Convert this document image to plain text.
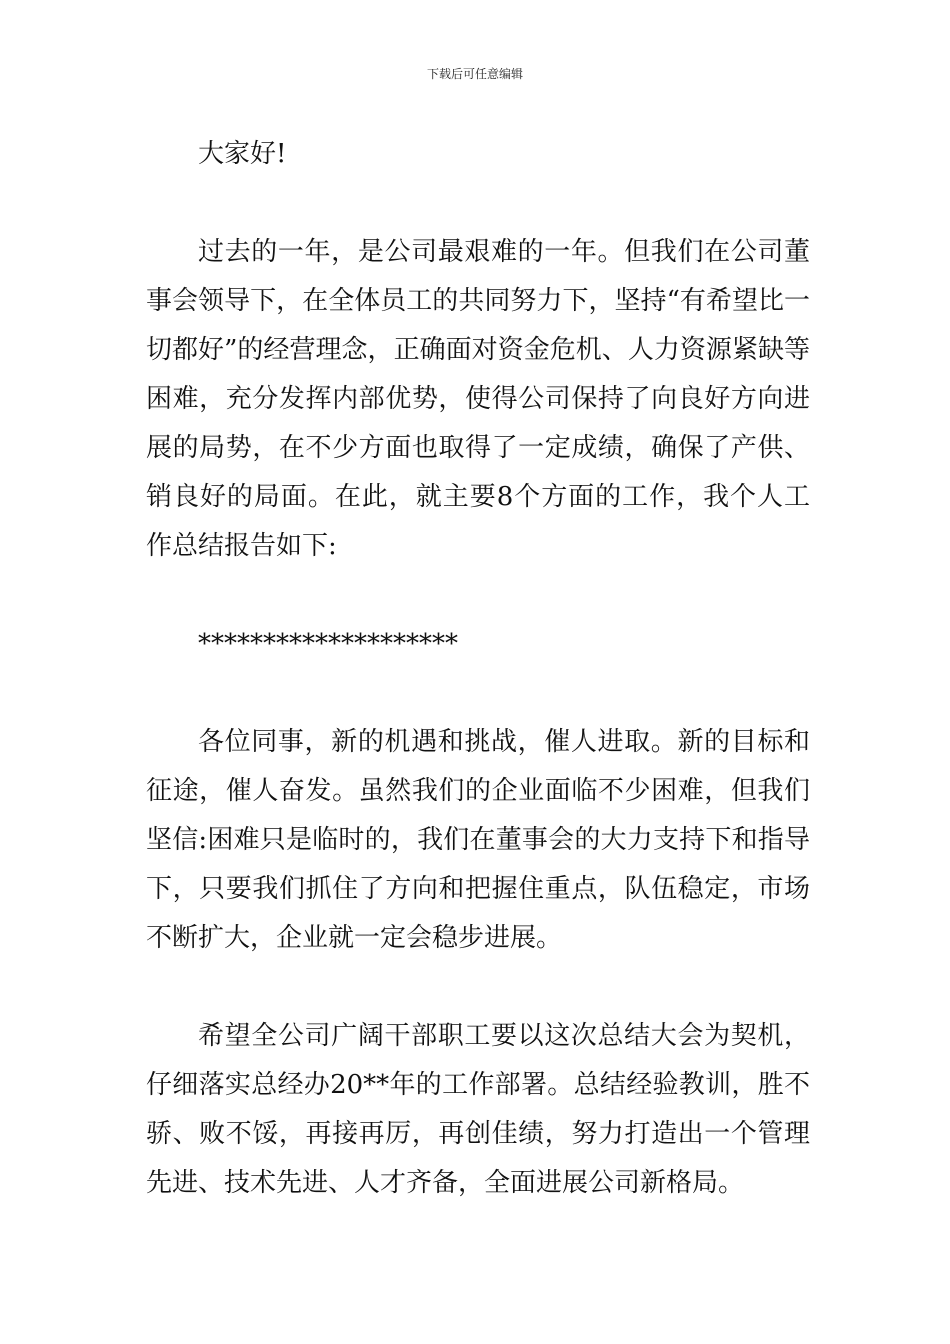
下载后可任意编辑

大家好!

过去的一年，是公司最艰难的一年。但我们在公司董事会领导下，在全体员工的共同努力下，坚持“有希望比一切都好”的经营理念，正确面对资金危机、人力资源紧缺等困难，充分发挥内部优势，使得公司保持了向良好方向进展的局势，在不少方面也取得了一定成绩，确保了产供、销良好的局面。在此，就主要8个方面的工作，我个人工作总结报告如下:

********************

各位同事，新的机遇和挑战，催人进取。新的目标和征途，催人奋发。虽然我们的企业面临不少困难，但我们坚信:困难只是临时的，我们在董事会的大力支持下和指导下，只要我们抓住了方向和把握住重点，队伍稳定，市场不断扩大，企业就一定会稳步进展。

希望全公司广阔干部职工要以这次总结大会为契机，仔细落实总经办20**年的工作部署。总结经验教训，胜不骄、败不馁，再接再厉，再创佳绩，努力打造出一个管理先进、技术先进、人才齐备，全面进展公司新格局。
